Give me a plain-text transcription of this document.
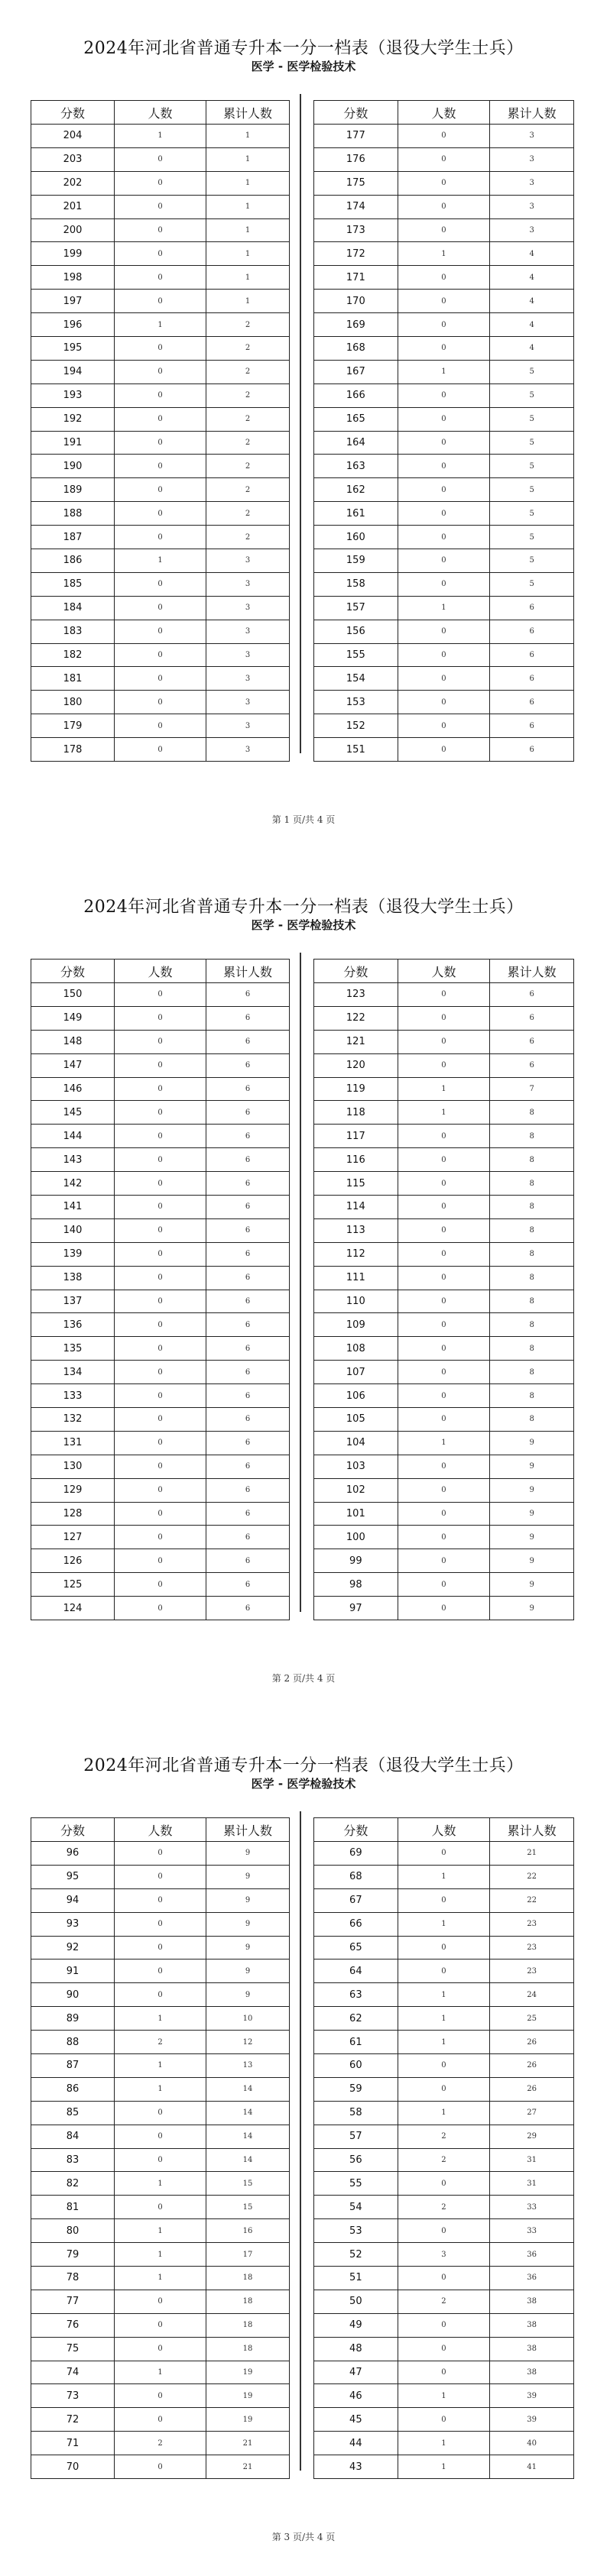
2024年河北省普通专升本一分一档表（退役大学生士兵）
医学 - 医学检验技术
分数	人数	累计人数
204	1	1
203	0	1
202	0	1
201	0	1
200	0	1
199	0	1
198	0	1
197	0	1
196	1	2
195	0	2
194	0	2
193	0	2
192	0	2
191	0	2
190	0	2
189	0	2
188	0	2
187	0	2
186	1	3
185	0	3
184	0	3
183	0	3
182	0	3
181	0	3
180	0	3
179	0	3
178	0	3
分数	人数	累计人数
177	0	3
176	0	3
175	0	3
174	0	3
173	0	3
172	1	4
171	0	4
170	0	4
169	0	4
168	0	4
167	1	5
166	0	5
165	0	5
164	0	5
163	0	5
162	0	5
161	0	5
160	0	5
159	0	5
158	0	5
157	1	6
156	0	6
155	0	6
154	0	6
153	0	6
152	0	6
151	0	6
第 1 页/共 4 页
2024年河北省普通专升本一分一档表（退役大学生士兵）
医学 - 医学检验技术
分数	人数	累计人数
150	0	6
149	0	6
148	0	6
147	0	6
146	0	6
145	0	6
144	0	6
143	0	6
142	0	6
141	0	6
140	0	6
139	0	6
138	0	6
137	0	6
136	0	6
135	0	6
134	0	6
133	0	6
132	0	6
131	0	6
130	0	6
129	0	6
128	0	6
127	0	6
126	0	6
125	0	6
124	0	6
分数	人数	累计人数
123	0	6
122	0	6
121	0	6
120	0	6
119	1	7
118	1	8
117	0	8
116	0	8
115	0	8
114	0	8
113	0	8
112	0	8
111	0	8
110	0	8
109	0	8
108	0	8
107	0	8
106	0	8
105	0	8
104	1	9
103	0	9
102	0	9
101	0	9
100	0	9
99	0	9
98	0	9
97	0	9
第 2 页/共 4 页
2024年河北省普通专升本一分一档表（退役大学生士兵）
医学 - 医学检验技术
分数	人数	累计人数
96	0	9
95	0	9
94	0	9
93	0	9
92	0	9
91	0	9
90	0	9
89	1	10
88	2	12
87	1	13
86	1	14
85	0	14
84	0	14
83	0	14
82	1	15
81	0	15
80	1	16
79	1	17
78	1	18
77	0	18
76	0	18
75	0	18
74	1	19
73	0	19
72	0	19
71	2	21
70	0	21
分数	人数	累计人数
69	0	21
68	1	22
67	0	22
66	1	23
65	0	23
64	0	23
63	1	24
62	1	25
61	1	26
60	0	26
59	0	26
58	1	27
57	2	29
56	2	31
55	0	31
54	2	33
53	0	33
52	3	36
51	0	36
50	2	38
49	0	38
48	0	38
47	0	38
46	1	39
45	0	39
44	1	40
43	1	41
第 3 页/共 4 页
